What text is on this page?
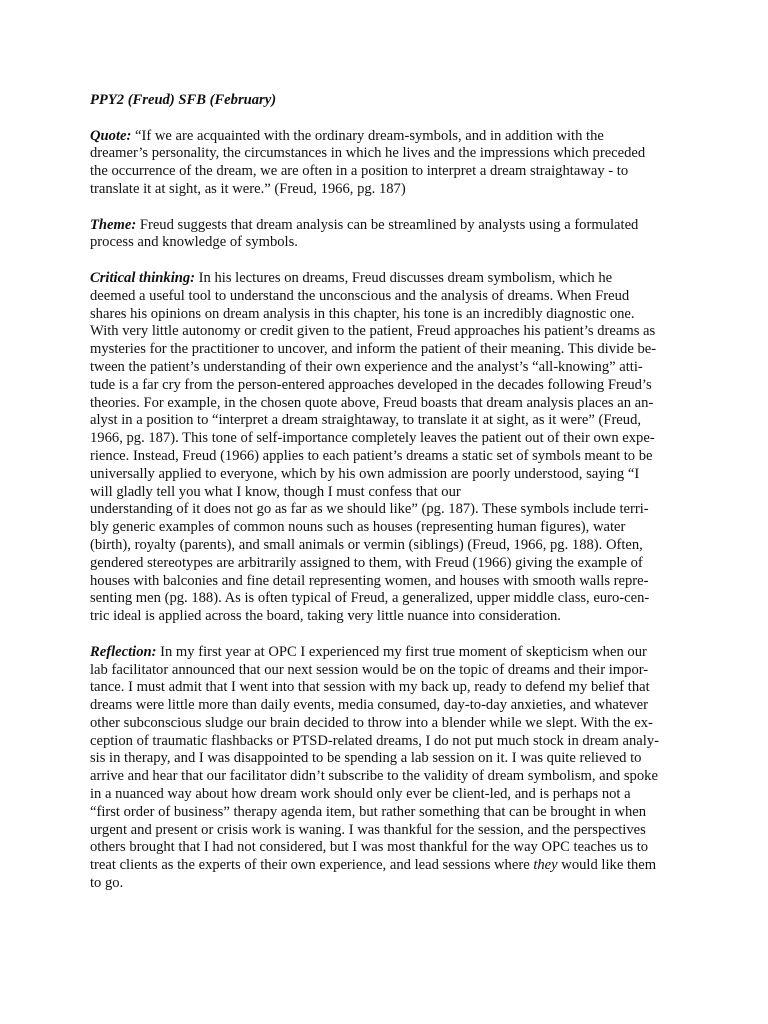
PPY2 (Freud) SFB (February)
Quote: “If we are acquainted with the ordinary dream-symbols, and in addition with the
dreamer’s personality, the circumstances in which he lives and the impressions which preceded
the occurrence of the dream, we are often in a position to interpret a dream straightaway - to
translate it at sight, as it were.” (Freud, 1966, pg. 187)
Theme: Freud suggests that dream analysis can be streamlined by analysts using a formulated
process and knowledge of symbols.
Critical thinking: In his lectures on dreams, Freud discusses dream symbolism, which he
deemed a useful tool to understand the unconscious and the analysis of dreams. When Freud
shares his opinions on dream analysis in this chapter, his tone is an incredibly diagnostic one.
With very little autonomy or credit given to the patient, Freud approaches his patient’s dreams as
mysteries for the practitioner to uncover, and inform the patient of their meaning. This divide be-
tween the patient’s understanding of their own experience and the analyst’s “all-knowing” atti-
tude is a far cry from the person-entered approaches developed in the decades following Freud’s
theories. For example, in the chosen quote above, Freud boasts that dream analysis places an an-
alyst in a position to “interpret a dream straightaway, to translate it at sight, as it were” (Freud,
1966, pg. 187). This tone of self-importance completely leaves the patient out of their own expe-
rience. Instead, Freud (1966) applies to each patient’s dreams a static set of symbols meant to be
universally applied to everyone, which by his own admission are poorly understood, saying “I
will gladly tell you what I know, though I must confess that our
understanding of it does not go as far as we should like” (pg. 187). These symbols include terri-
bly generic examples of common nouns such as houses (representing human figures), water
(birth), royalty (parents), and small animals or vermin (siblings) (Freud, 1966, pg. 188). Often,
gendered stereotypes are arbitrarily assigned to them, with Freud (1966) giving the example of
houses with balconies and fine detail representing women, and houses with smooth walls repre-
senting men (pg. 188). As is often typical of Freud, a generalized, upper middle class, euro-cen-
tric ideal is applied across the board, taking very little nuance into consideration.
Reflection: In my first year at OPC I experienced my first true moment of skepticism when our
lab facilitator announced that our next session would be on the topic of dreams and their impor-
tance. I must admit that I went into that session with my back up, ready to defend my belief that
dreams were little more than daily events, media consumed, day-to-day anxieties, and whatever
other subconscious sludge our brain decided to throw into a blender while we slept. With the ex-
ception of traumatic flashbacks or PTSD-related dreams, I do not put much stock in dream analy-
sis in therapy, and I was disappointed to be spending a lab session on it. I was quite relieved to
arrive and hear that our facilitator didn’t subscribe to the validity of dream symbolism, and spoke
in a nuanced way about how dream work should only ever be client-led, and is perhaps not a
“first order of business” therapy agenda item, but rather something that can be brought in when
urgent and present or crisis work is waning. I was thankful for the session, and the perspectives
others brought that I had not considered, but I was most thankful for the way OPC teaches us to
treat clients as the experts of their own experience, and lead sessions where they would like them
to go.
